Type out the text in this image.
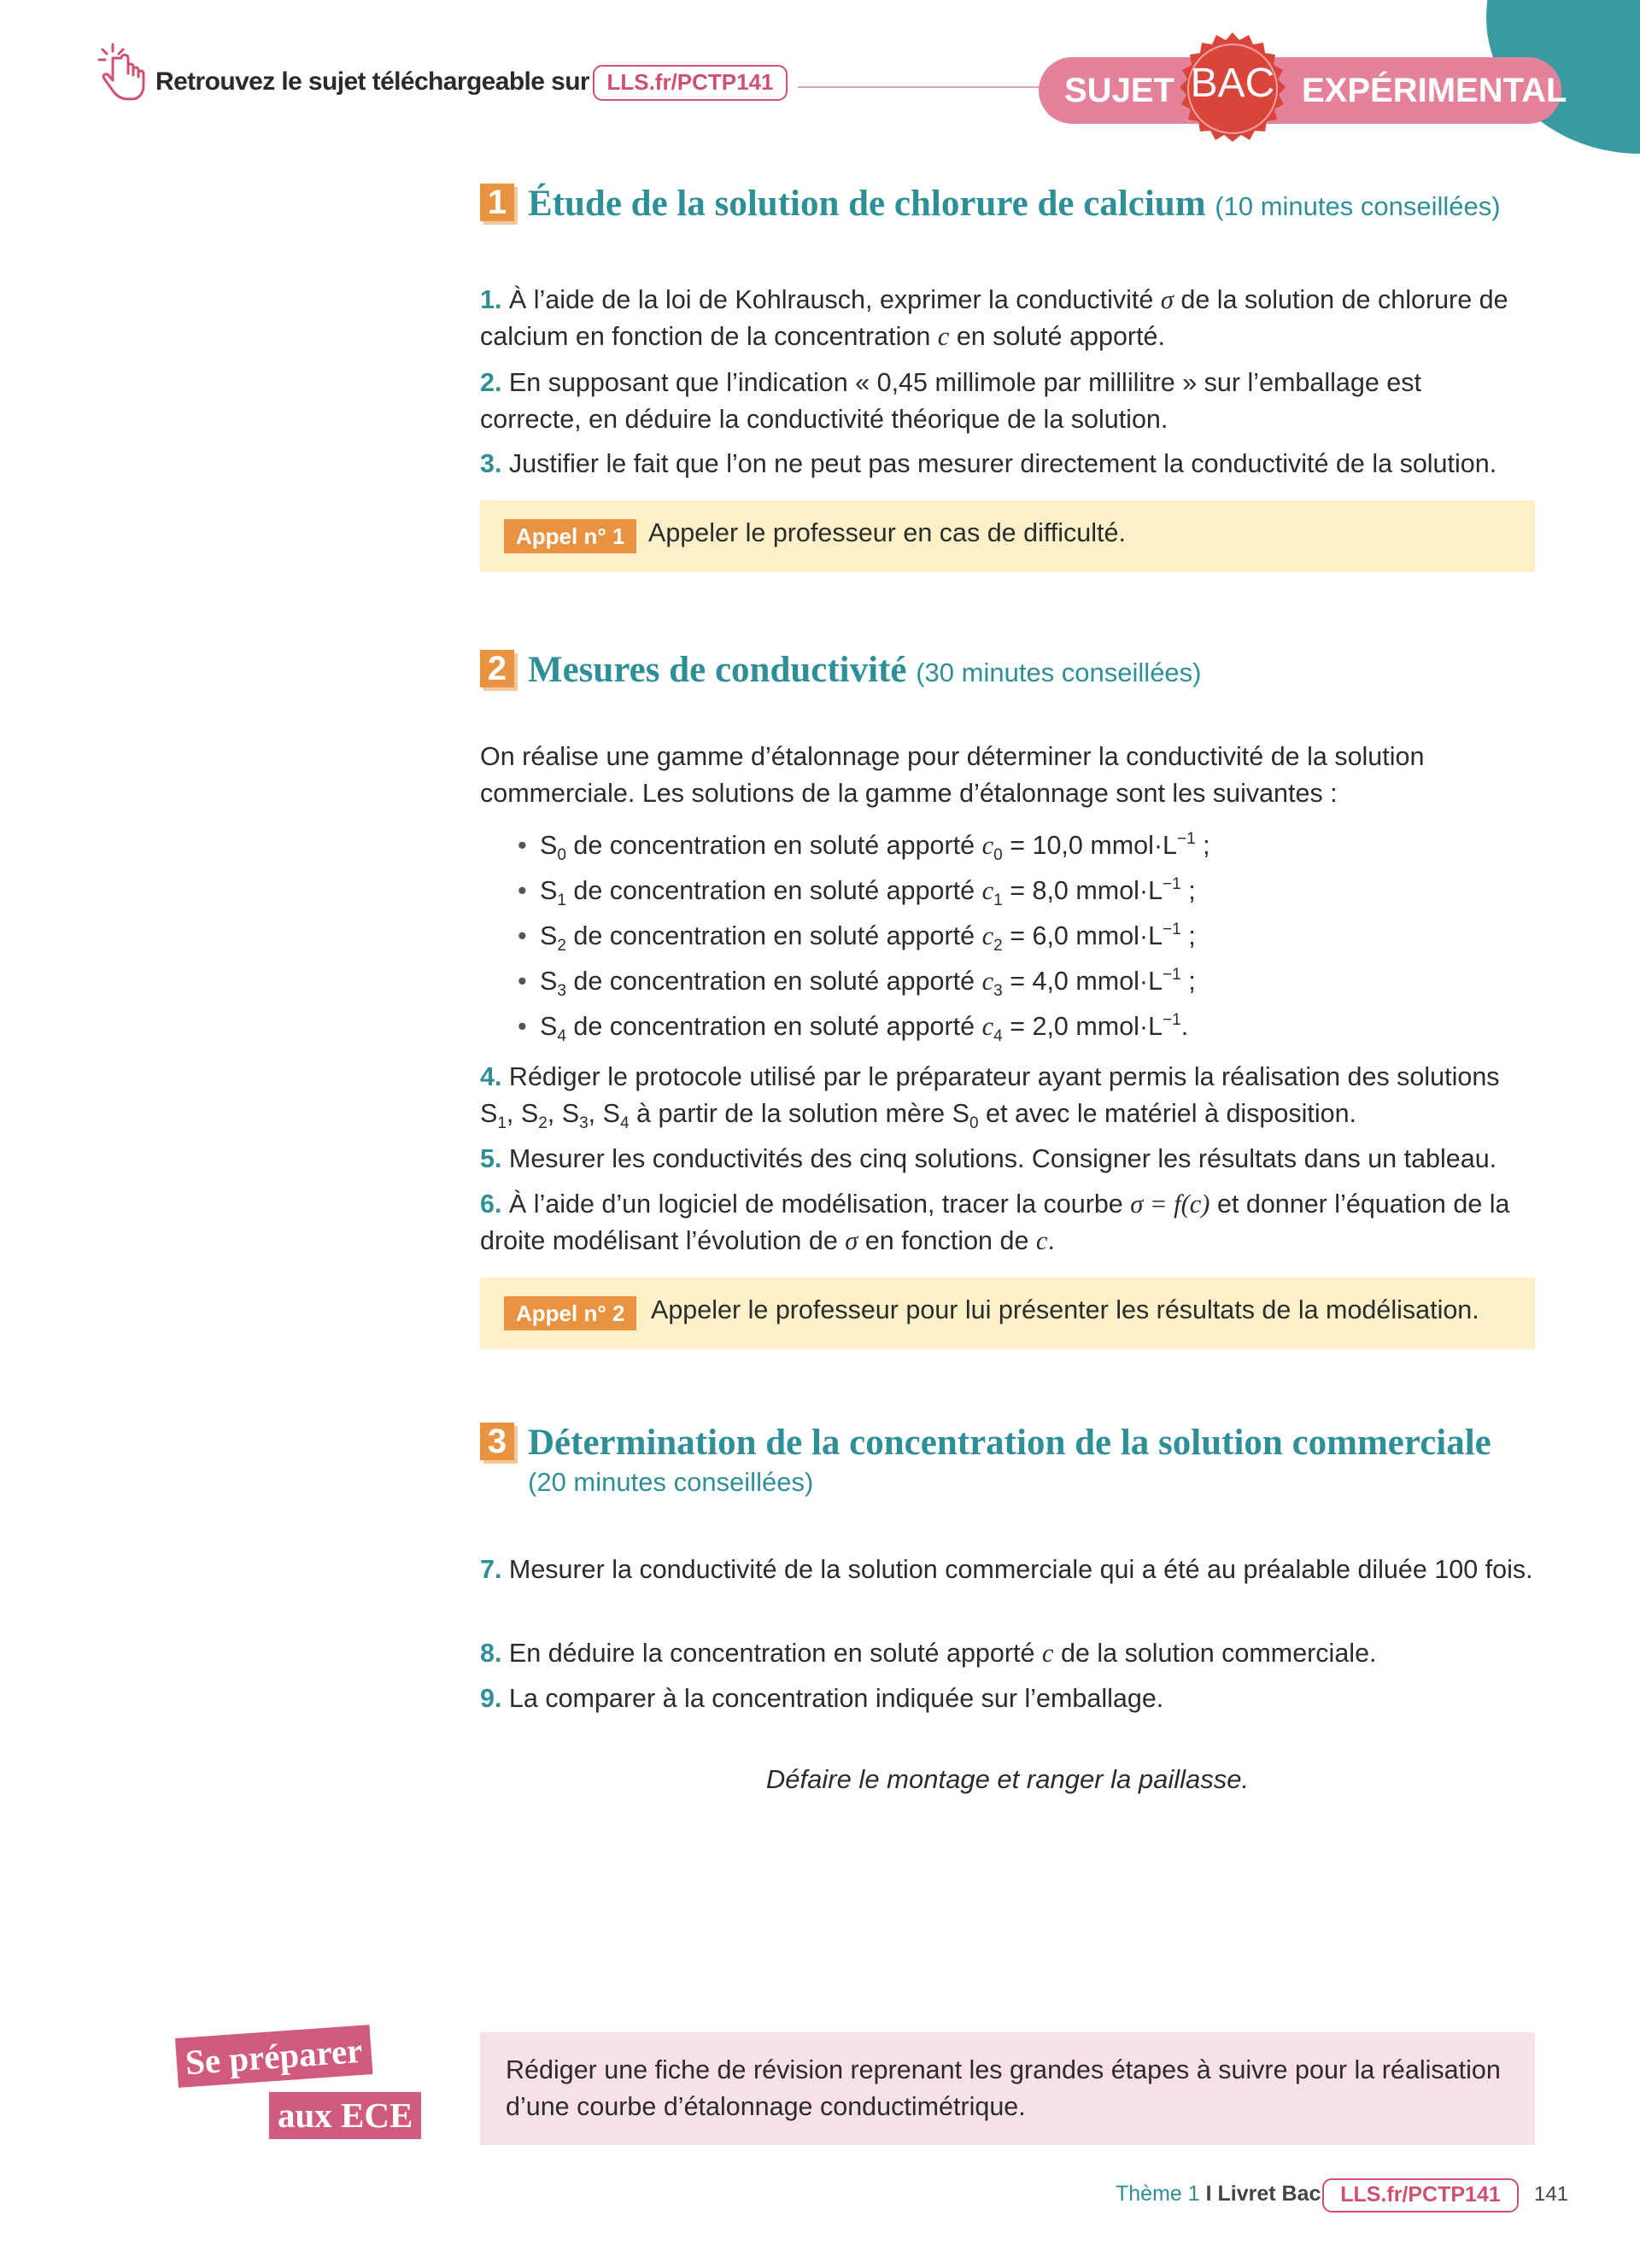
Retrouvez le sujet téléchargeable sur LLS.fr/PCTP141	SUJET	EXPÉRIMENTAL
BAC
1 Étude de la solution de chlorure de calcium (10 minutes conseillées)
1. À l’aide de la loi de Kohlrausch, exprimer la conductivité σ de la solution de chlorure de calcium en fonction de la concentration c en soluté apporté.
2. En supposant que l’indication « 0,45 millimole par millilitre » sur l’emballage est correcte, en déduire la conductivité théorique de la solution.
3. Justifier le fait que l’on ne peut pas mesurer directement la conductivité de la solution.
Appel n° 1 Appeler le professeur en cas de difficulté.
2 Mesures de conductivité (30 minutes conseillées)
On réalise une gamme d’étalonnage pour déterminer la conductivité de la solution commerciale. Les solutions de la gamme d’étalonnage sont les suivantes :
• $S_0$ de concentration en soluté apporté $c_0 = 10,0$ $mmol\cdot L^{-1}$ ;
• $S_1$ de concentration en soluté apporté $c_1 = 8,0$ $mmol\cdot L^{-1}$ ;
• $S_2$ de concentration en soluté apporté $c_2 = 6,0$ $mmol\cdot L^{-1}$ ;
• $S_3$ de concentration en soluté apporté $c_3 = 4,0$ $mmol\cdot L^{-1}$ ;
• $S_4$ de concentration en soluté apporté $c_4 = 2,0$ $mmol\cdot L^{-1}$.
4. Rédiger le protocole utilisé par le préparateur ayant permis la réalisation des solutions $S_1$, $S_2$, $S_3$, $S_4$ à partir de la solution mère $S_0$ et avec le matériel à disposition.
5. Mesurer les conductivités des cinq solutions. Consigner les résultats dans un tableau.
6. À l’aide d’un logiciel de modélisation, tracer la courbe σ = f(c) et donner l’équation de la droite modélisant l’évolution de σ en fonction de c.
Appel n° 2	Appeler le professeur pour lui présenter les résultats de la modélisation.
3 Détermination de la concentration de la solution commerciale
(20 minutes conseillées)
7. Mesurer la conductivité de la solution commerciale qui a été au préalable diluée 100 fois.
8. En déduire la concentration en soluté apporté c de la solution commerciale.
9. La comparer à la concentration indiquée sur l’emballage.
Défaire le montage et ranger la paillasse.
Se préparer
aux ECE
Rédiger une fiche de révision reprenant les grandes étapes à suivre pour la réalisation d’une courbe d’étalonnage conductimétrique.
Thème 1 I Livret Bac LLS.fr/PCTP141	141
